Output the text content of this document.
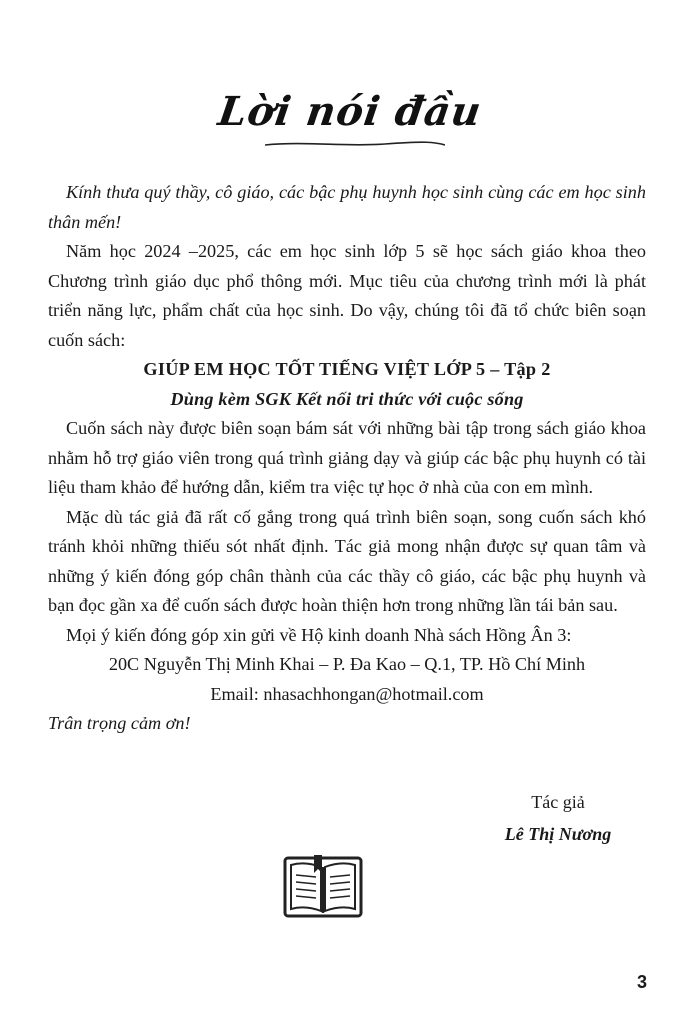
Lời nói đầu

Kính thưa quý thầy, cô giáo, các bậc phụ huynh học sinh cùng các em học sinh thân mến!

Năm học 2024 –2025, các em học sinh lớp 5 sẽ học sách giáo khoa theo Chương trình giáo dục phổ thông mới. Mục tiêu của chương trình mới là phát triển năng lực, phẩm chất của học sinh. Do vậy, chúng tôi đã tổ chức biên soạn cuốn sách:

GIÚP EM HỌC TỐT TIẾNG VIỆT LỚP 5 – Tập 2

Dùng kèm SGK Kết nối tri thức với cuộc sống

Cuốn sách này được biên soạn bám sát với những bài tập trong sách giáo khoa nhằm hỗ trợ giáo viên trong quá trình giảng dạy và giúp các bậc phụ huynh có tài liệu tham khảo để hướng dẫn, kiểm tra việc tự học ở nhà của con em mình.

Mặc dù tác giả đã rất cố gắng trong quá trình biên soạn, song cuốn sách khó tránh khỏi những thiếu sót nhất định. Tác giả mong nhận được sự quan tâm và những ý kiến đóng góp chân thành của các thầy cô giáo, các bậc phụ huynh và bạn đọc gần xa để cuốn sách được hoàn thiện hơn trong những lần tái bản sau.

Mọi ý kiến đóng góp xin gửi về Hộ kinh doanh Nhà sách Hồng Ân 3:

20C Nguyễn Thị Minh Khai – P. Đa Kao – Q.1, TP. Hồ Chí Minh

Email: nhasachhongan@hotmail.com

Trân trọng cảm ơn!

Tác giả
Lê Thị Nương
3
